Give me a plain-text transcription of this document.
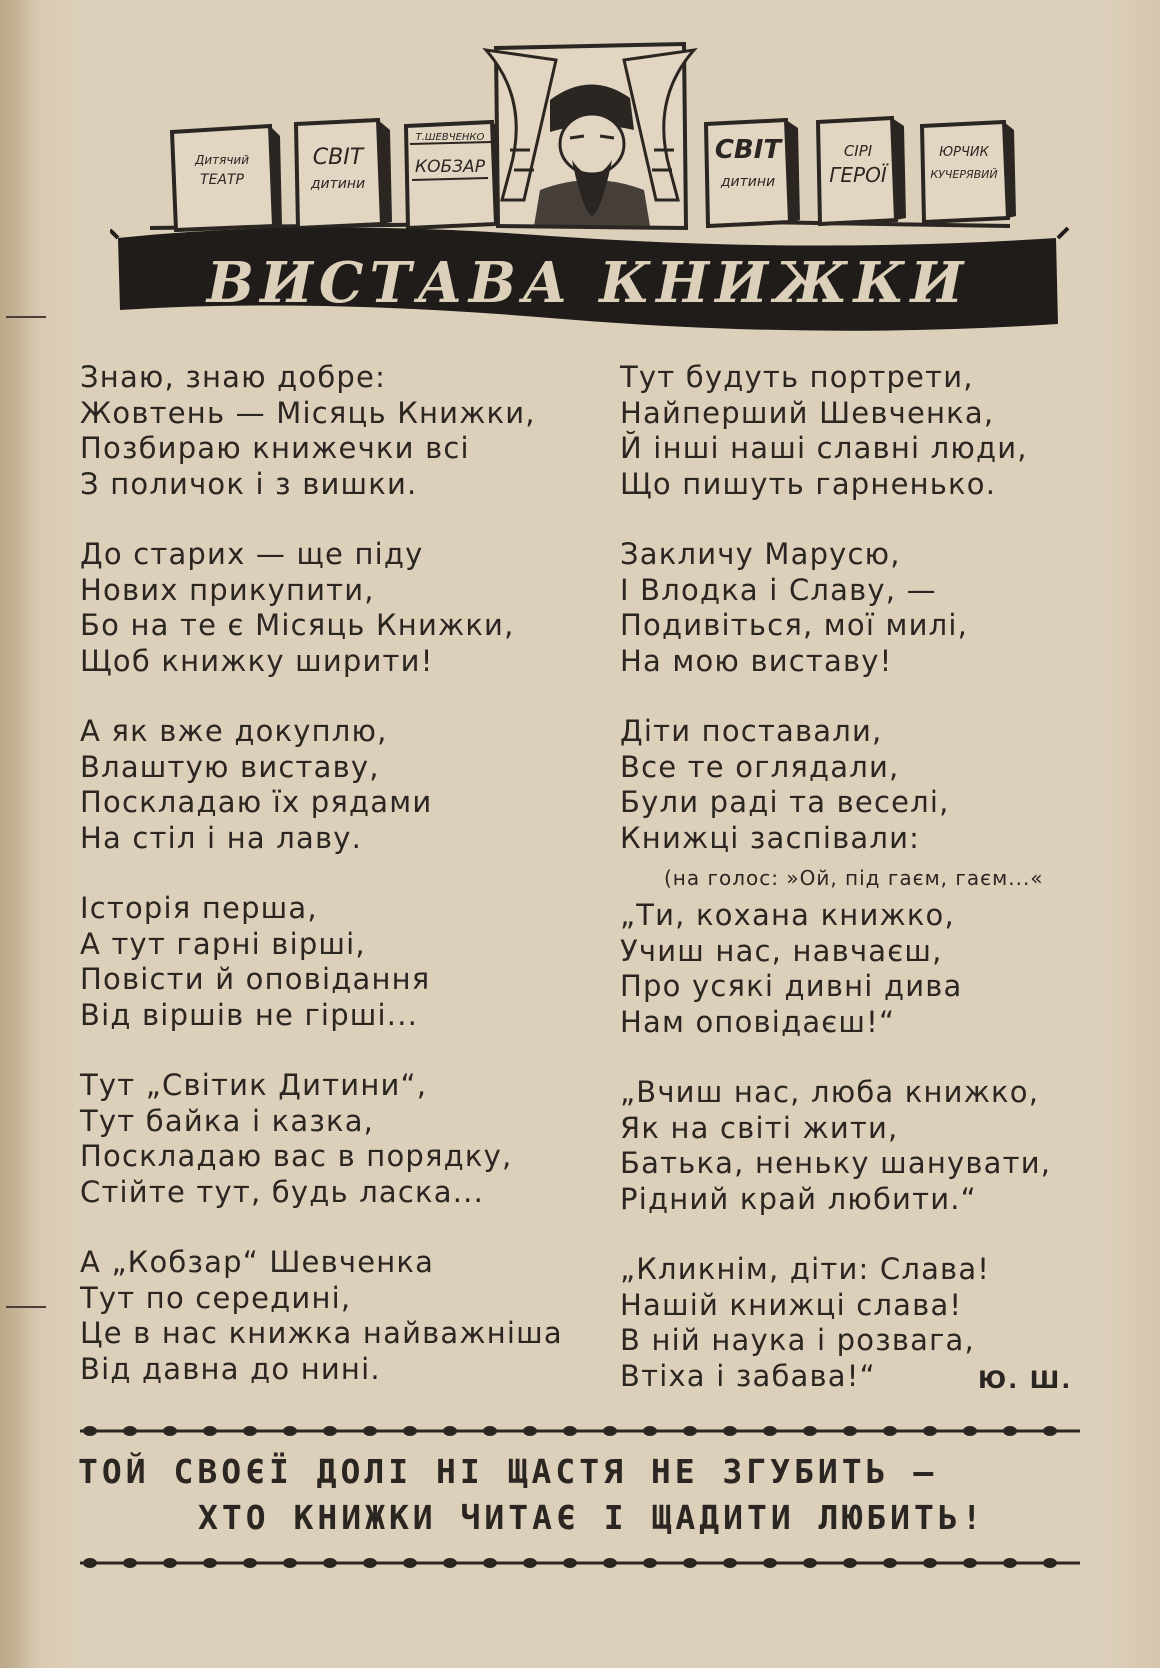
Дитячий
ТЕАТР
СВІТ
дитини
Т.ШЕВЧЕНКО
КОБЗАР
СВІТ
дитини
СІРІ
ГЕРОЇ
ЮРЧИК
КУЧЕРЯВИЙ
ВИСТАВА КНИЖКИ
Знаю, знаю добре:
Жовтень — Місяць Книжки,
Позбираю книжечки всі
З поличок і з вишки.
До старих — ще піду
Нових прикупити,
Бо на те є Місяць Книжки,
Щоб книжку ширити!
А як вже докуплю,
Влаштую виставу,
Поскладаю їх рядами
На стіл і на лаву.
Історія перша,
А тут гарні вірші,
Повісти й оповідання
Від віршів не гірші...
Тут „Світик Дитини“,
Тут байка і казка,
Поскладаю вас в порядку,
Стійте тут, будь ласка...
А „Кобзар“ Шевченка
Тут по середині,
Це в нас книжка найважніша
Від давна до нині.
Тут будуть портрети,
Найперший Шевченка,
Й інші наші славні люди,
Що пишуть гарненько.
Закличу Марусю,
І Влодка і Славу, —
Подивіться, мої милі,
На мою виставу!
Діти поставали,
Все те оглядали,
Були раді та веселі,
Книжці заспівали:
(на голос: »Ой, під гаєм, гаєм...«
„Ти, кохана книжко,
Учиш нас, навчаєш,
Про усякі дивні дива
Нам оповідаєш!“
„Вчиш нас, люба книжко,
Як на світі жити,
Батька, неньку шанувати,
Рідний край любити.“
„Кликнім, діти: Слава!
Нашій книжці слава!
В ній наука і розвага,
Втіха і забава!“	Ю. Ш.
ТОЙ СВОЄЇ ДОЛІ НІ ЩАСТЯ НЕ ЗГУБИТЬ —
ХТО КНИЖКИ ЧИТАЄ І ЩАДИТИ ЛЮБИТЬ!
